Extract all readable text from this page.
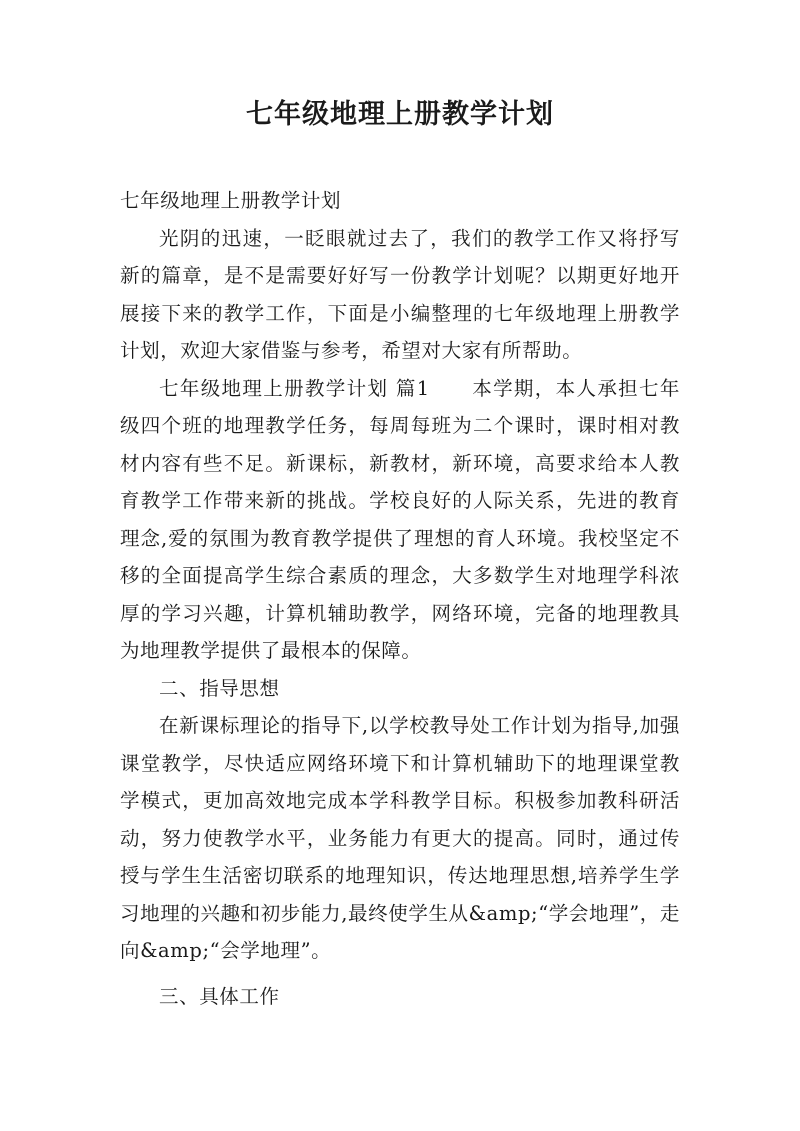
七年级地理上册教学计划

七年级地理上册教学计划

光阴的迅速，一眨眼就过去了，我们的教学工作又将抒写新的篇章，是不是需要好好写一份教学计划呢？以期更好地开展接下来的教学工作，下面是小编整理的七年级地理上册教学计划，欢迎大家借鉴与参考，希望对大家有所帮助。

七年级地理上册教学计划 篇1　　本学期，本人承担七年级四个班的地理教学任务，每周每班为二个课时，课时相对教材内容有些不足。新课标，新教材，新环境，高要求给本人教育教学工作带来新的挑战。学校良好的人际关系，先进的教育理念,爱的氛围为教育教学提供了理想的育人环境。我校坚定不移的全面提高学生综合素质的理念，大多数学生对地理学科浓厚的学习兴趣，计算机辅助教学，网络环境，完备的地理教具为地理教学提供了最根本的保障。

二、指导思想

在新课标理论的指导下,以学校教导处工作计划为指导,加强课堂教学，尽快适应网络环境下和计算机辅助下的地理课堂教学模式，更加高效地完成本学科教学目标。积极参加教科研活动，努力使教学水平，业务能力有更大的提高。同时，通过传授与学生生活密切联系的地理知识，传达地理思想,培养学生学习地理的兴趣和初步能力,最终使学生从&amp;“学会地理”，走向&amp;“会学地理”。

三、具体工作
